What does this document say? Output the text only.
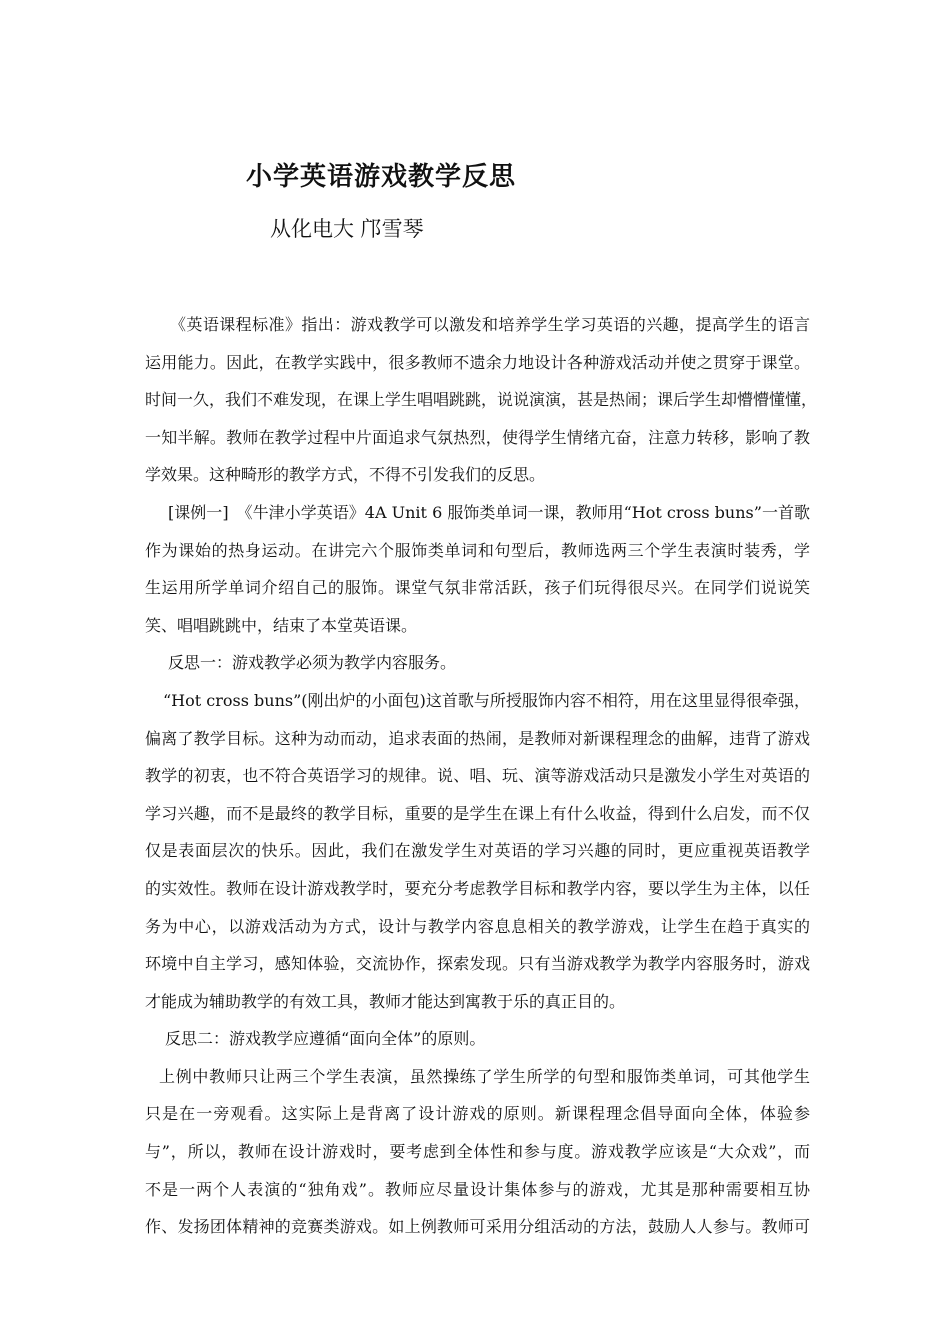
小学英语游戏教学反思

从化电大 邝雪琴

《英语课程标准》指出：游戏教学可以激发和培养学生学习英语的兴趣，提高学生的语言
运用能力。因此，在教学实践中，很多教师不遗余力地设计各种游戏活动并使之贯穿于课堂。
时间一久，我们不难发现，在课上学生唱唱跳跳，说说演演，甚是热闹；课后学生却懵懵懂懂，
一知半解。教师在教学过程中片面追求气氛热烈，使得学生情绪亢奋，注意力转移，影响了教
学效果。这种畸形的教学方式，不得不引发我们的反思。
[课例一]　《牛津小学英语》4A Unit 6 服饰类单词一课，教师用“Hot cross buns”一首歌
作为课始的热身运动。在讲完六个服饰类单词和句型后，教师选两三个学生表演时装秀，学
生运用所学单词介绍自己的服饰。课堂气氛非常活跃，孩子们玩得很尽兴。在同学们说说笑
笑、唱唱跳跳中，结束了本堂英语课。
反思一：游戏教学必须为教学内容服务。
“Hot cross buns”(刚出炉的小面包)这首歌与所授服饰内容不相符，用在这里显得很牵强，
偏离了教学目标。这种为动而动，追求表面的热闹，是教师对新课程理念的曲解，违背了游戏
教学的初衷，也不符合英语学习的规律。说、唱、玩、演等游戏活动只是激发小学生对英语的
学习兴趣，而不是最终的教学目标，重要的是学生在课上有什么收益，得到什么启发，而不仅
仅是表面层次的快乐。因此，我们在激发学生对英语的学习兴趣的同时，更应重视英语教学
的实效性。教师在设计游戏教学时，要充分考虑教学目标和教学内容，要以学生为主体，以任
务为中心，以游戏活动为方式，设计与教学内容息息相关的教学游戏，让学生在趋于真实的
环境中自主学习，感知体验，交流协作，探索发现。只有当游戏教学为教学内容服务时，游戏
才能成为辅助教学的有效工具，教师才能达到寓教于乐的真正目的。
反思二：游戏教学应遵循“面向全体”的原则。
上例中教师只让两三个学生表演，虽然操练了学生所学的句型和服饰类单词，可其他学生
只是在一旁观看。这实际上是背离了设计游戏的原则。新课程理念倡导面向全体，体验参
与”，所以，教师在设计游戏时，要考虑到全体性和参与度。游戏教学应该是“大众戏”，而
不是一两个人表演的“独角戏”。教师应尽量设计集体参与的游戏，尤其是那种需要相互协
作、发扬团体精神的竞赛类游戏。如上例教师可采用分组活动的方法，鼓励人人参与。教师可
